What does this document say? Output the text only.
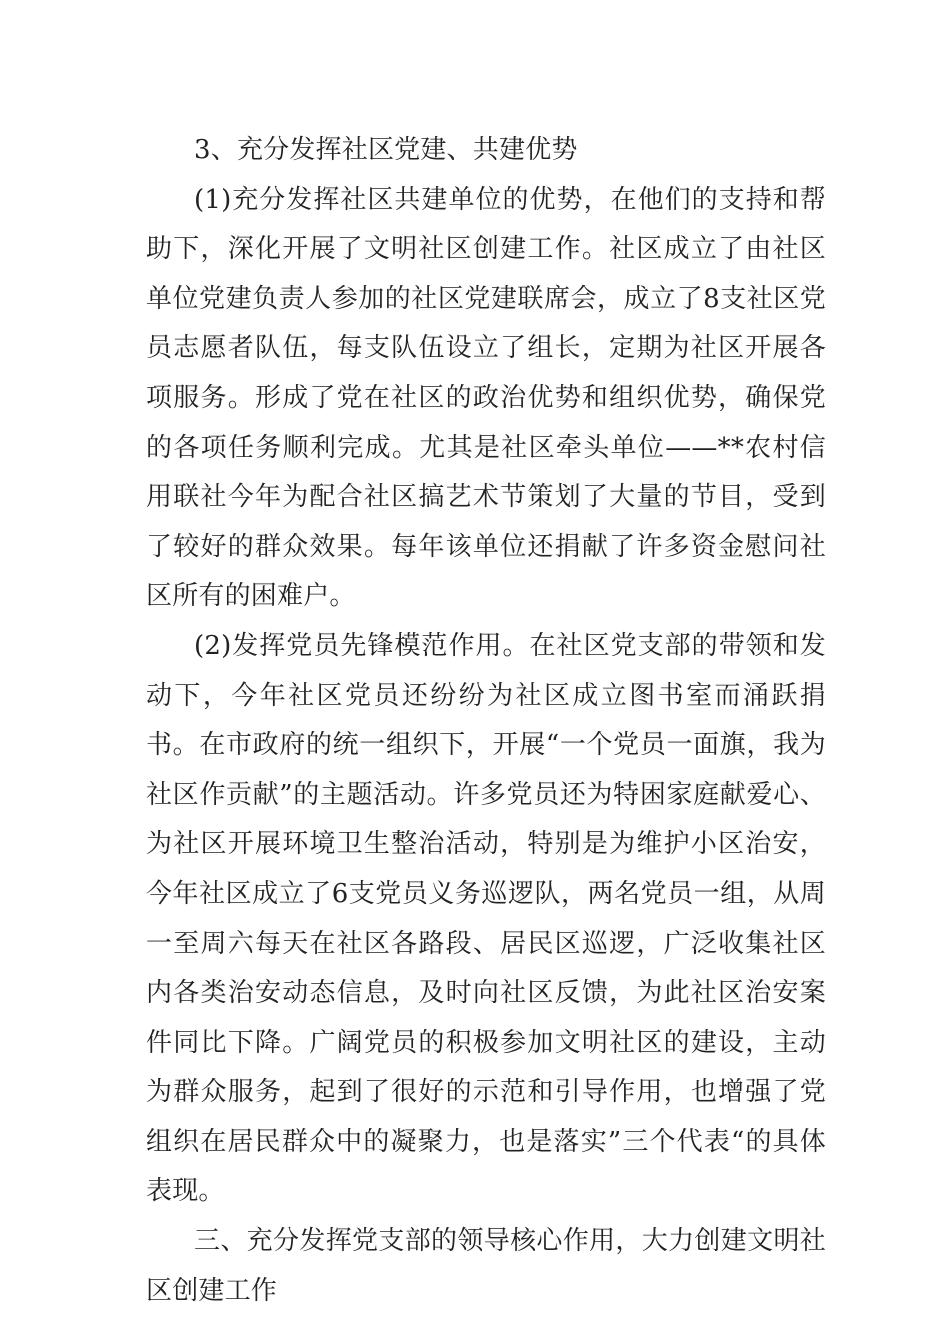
3、充分发挥社区党建、共建优势

(1)充分发挥社区共建单位的优势，在他们的支持和帮助下，深化开展了文明社区创建工作。社区成立了由社区单位党建负责人参加的社区党建联席会，成立了8支社区党员志愿者队伍，每支队伍设立了组长，定期为社区开展各项服务。形成了党在社区的政治优势和组织优势，确保党的各项任务顺利完成。尤其是社区牵头单位——**农村信用联社今年为配合社区搞艺术节策划了大量的节目，受到了较好的群众效果。每年该单位还捐献了许多资金慰问社区所有的困难户。

(2)发挥党员先锋模范作用。在社区党支部的带领和发动下，今年社区党员还纷纷为社区成立图书室而涌跃捐书。在市政府的统一组织下，开展“一个党员一面旗，我为社区作贡献”的主题活动。许多党员还为特困家庭献爱心、为社区开展环境卫生整治活动，特别是为维护小区治安，今年社区成立了6支党员义务巡逻队，两名党员一组，从周一至周六每天在社区各路段、居民区巡逻，广泛收集社区内各类治安动态信息，及时向社区反馈，为此社区治安案件同比下降。广阔党员的积极参加文明社区的建设，主动为群众服务，起到了很好的示范和引导作用，也增强了党组织在居民群众中的凝聚力，也是落实”三个代表“的具体表现。

三、充分发挥党支部的领导核心作用，大力创建文明社区创建工作
